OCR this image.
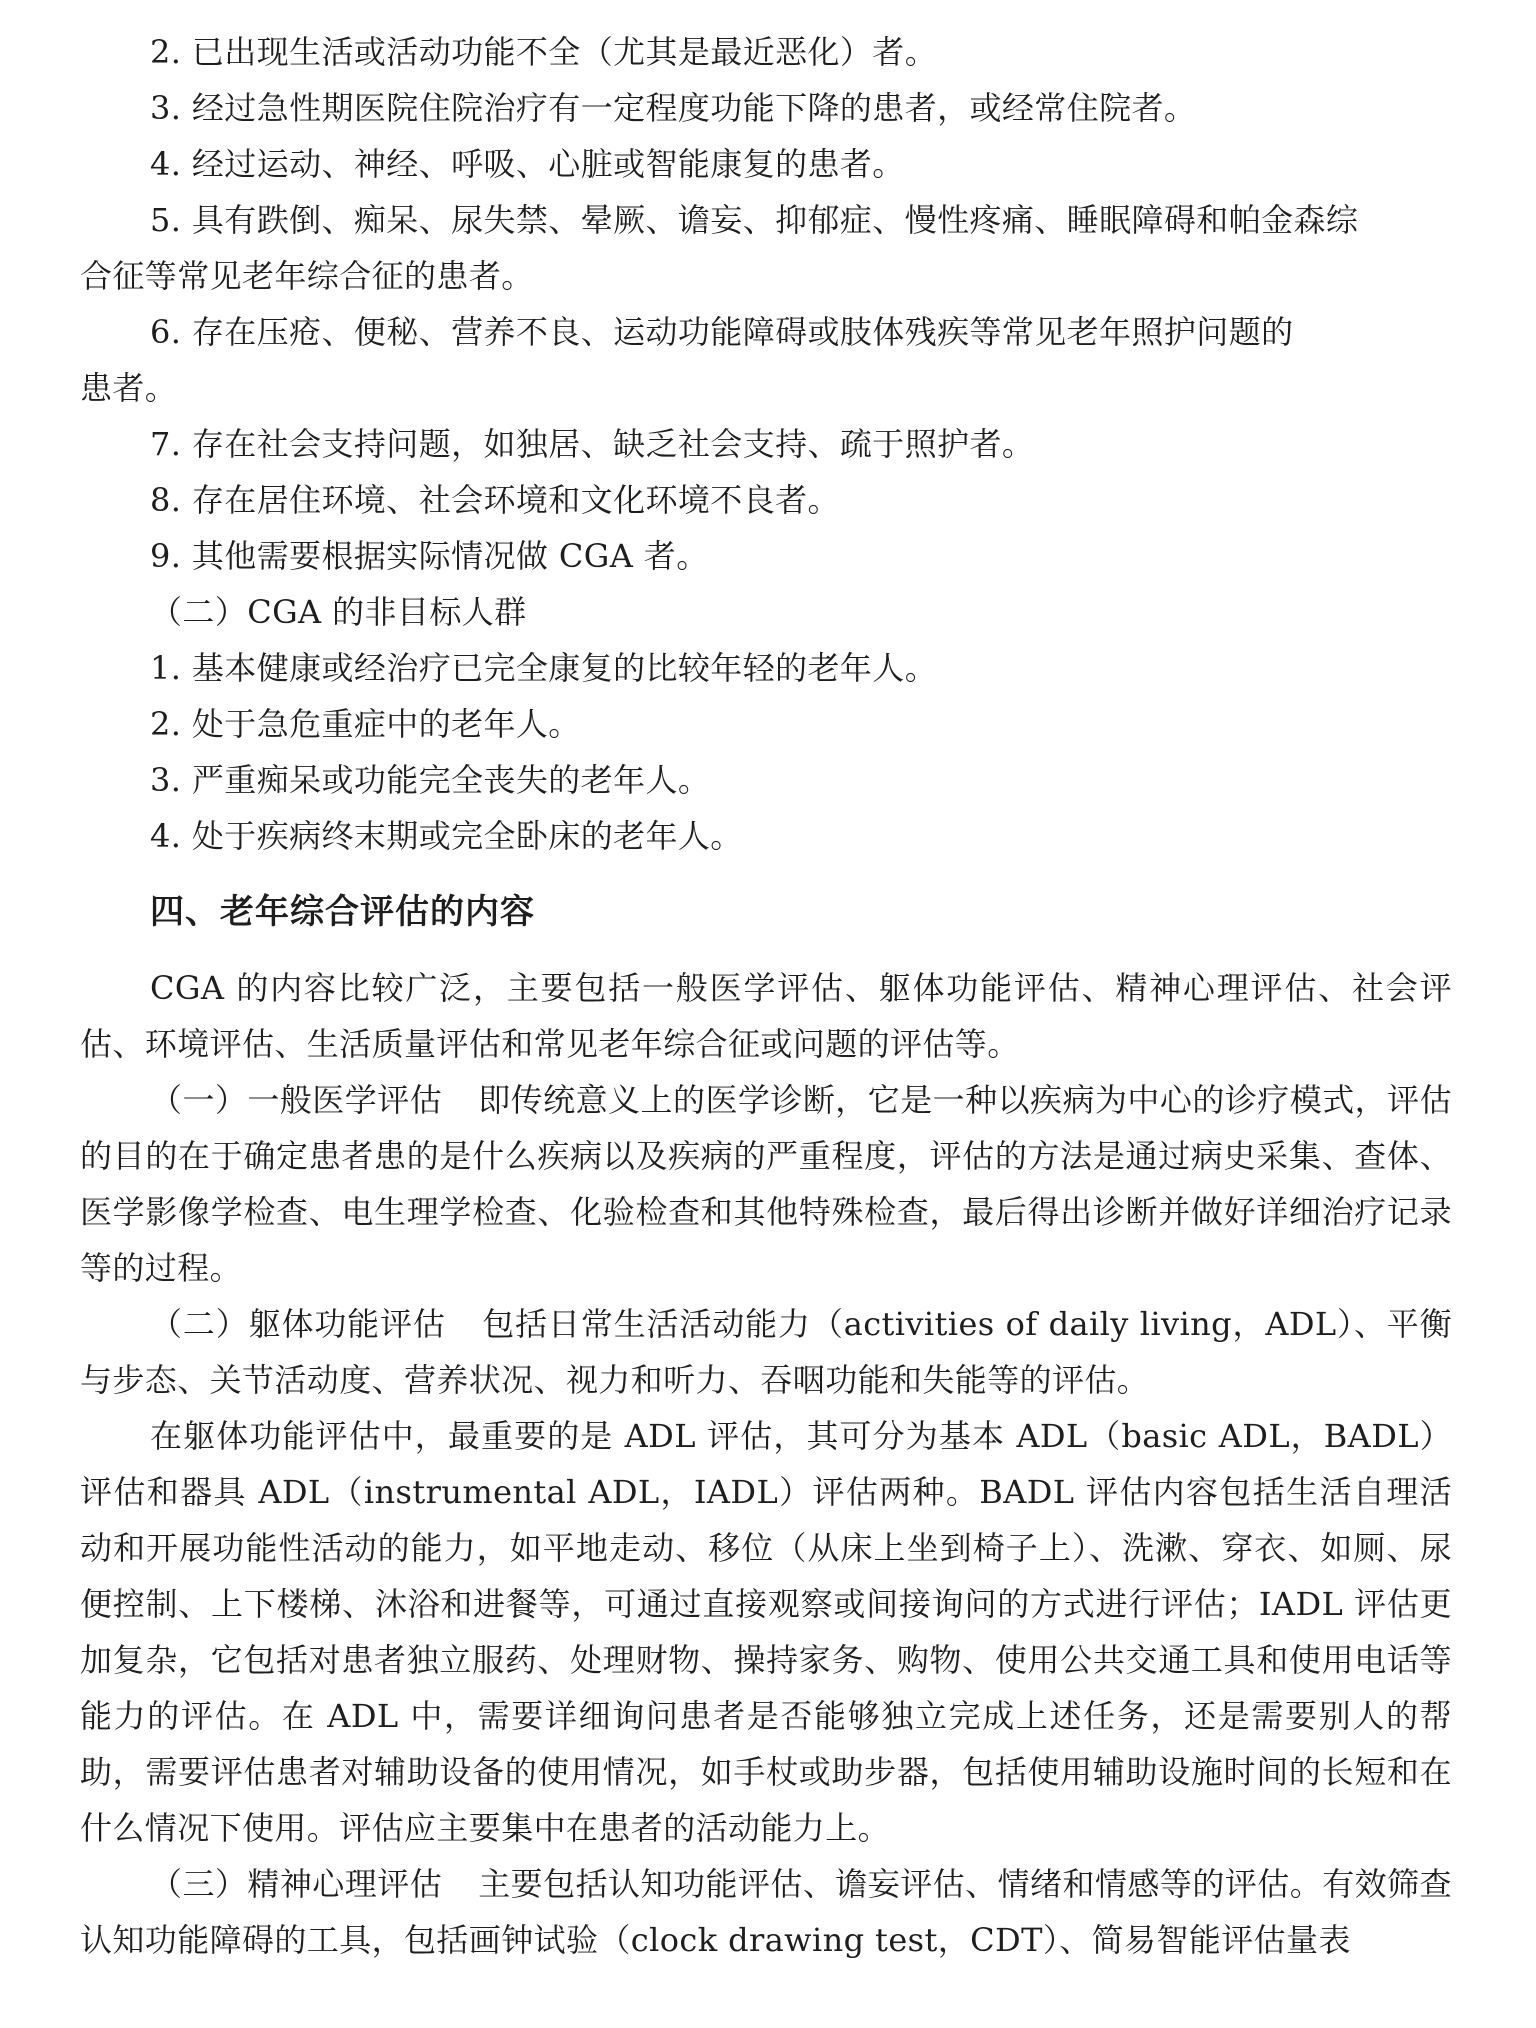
2. 已出现生活或活动功能不全（尤其是最近恶化）者。
3. 经过急性期医院住院治疗有一定程度功能下降的患者，或经常住院者。
4. 经过运动、神经、呼吸、心脏或智能康复的患者。
5. 具有跌倒、痴呆、尿失禁、晕厥、谵妄、抑郁症、慢性疼痛、睡眠障碍和帕金森综
合征等常见老年综合征的患者。
6. 存在压疮、便秘、营养不良、运动功能障碍或肢体残疾等常见老年照护问题的
患者。
7. 存在社会支持问题，如独居、缺乏社会支持、疏于照护者。
8. 存在居住环境、社会环境和文化环境不良者。
9. 其他需要根据实际情况做 CGA 者。
（二）CGA 的非目标人群
1. 基本健康或经治疗已完全康复的比较年轻的老年人。
2. 处于急危重症中的老年人。
3. 严重痴呆或功能完全丧失的老年人。
4. 处于疾病终末期或完全卧床的老年人。
四、老年综合评估的内容

CGA 的内容比较广泛，主要包括一般医学评估、躯体功能评估、精神心理评估、社会评估、环境评估、生活质量评估和常见老年综合征或问题的评估等。

（一）一般医学评估 即传统意义上的医学诊断，它是一种以疾病为中心的诊疗模式，评估的目的在于确定患者患的是什么疾病以及疾病的严重程度，评估的方法是通过病史采集、查体、医学影像学检查、电生理学检查、化验检查和其他特殊检查，最后得出诊断并做好详细治疗记录等的过程。

（二）躯体功能评估 包括日常生活活动能力（activities of daily living，ADL）、平衡与步态、关节活动度、营养状况、视力和听力、吞咽功能和失能等的评估。

在躯体功能评估中，最重要的是 ADL 评估，其可分为基本 ADL（basic ADL，BADL）评估和器具 ADL（instrumental ADL，IADL）评估两种。BADL 评估内容包括生活自理活动和开展功能性活动的能力，如平地走动、移位（从床上坐到椅子上）、洗漱、穿衣、如厕、尿便控制、上下楼梯、沐浴和进餐等，可通过直接观察或间接询问的方式进行评估；IADL 评估更加复杂，它包括对患者独立服药、处理财物、操持家务、购物、使用公共交通工具和使用电话等能力的评估。在 ADL 中，需要详细询问患者是否能够独立完成上述任务，还是需要别人的帮助，需要评估患者对辅助设备的使用情况，如手杖或助步器，包括使用辅助设施时间的长短和在什么情况下使用。评估应主要集中在患者的活动能力上。

（三）精神心理评估 主要包括认知功能评估、谵妄评估、情绪和情感等的评估。有效筛查认知功能障碍的工具，包括画钟试验（clock drawing test，CDT）、简易智能评估量表
